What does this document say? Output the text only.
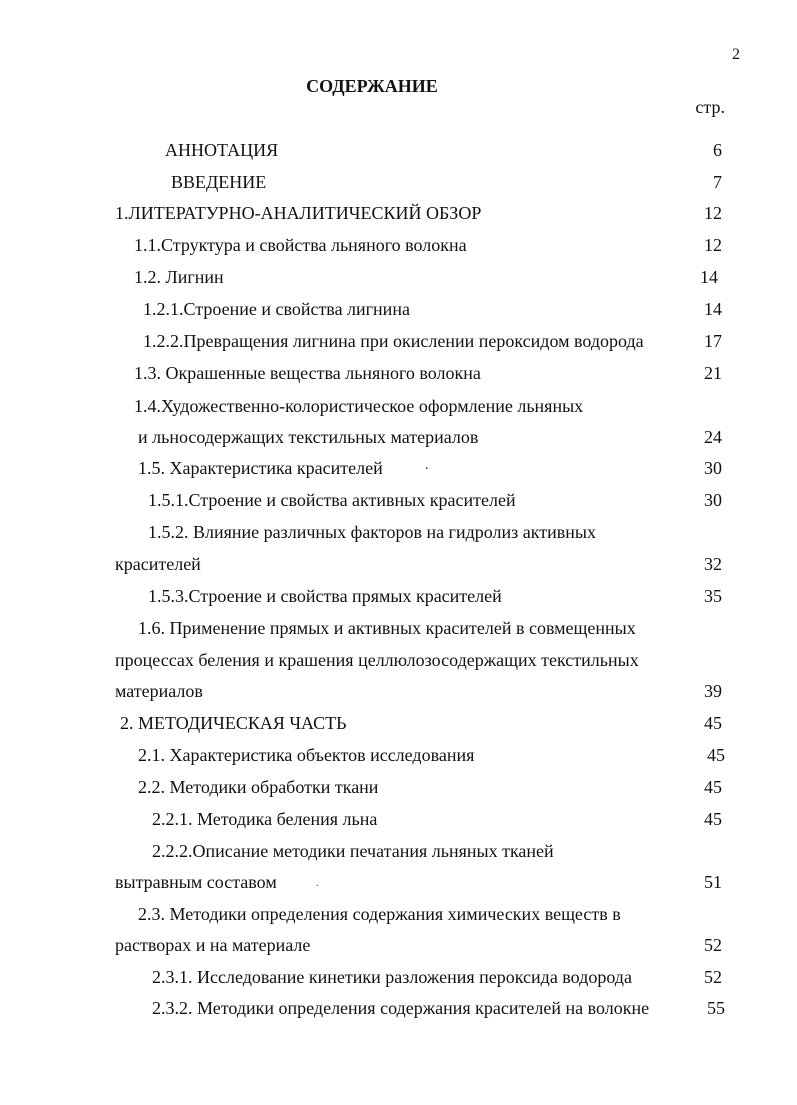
2
СОДЕРЖАНИЕ
стр.
АННОТАЦИЯ	6
ВВЕДЕНИЕ	7
1.ЛИТЕРАТУРНО-АНАЛИТИЧЕСКИЙ ОБЗОР	12
1.1.Структура и свойства льняного волокна	12
1.2. Лигнин	14
1.2.1.Строение и свойства лигнина	14
1.2.2.Превращения лигнина при окислении пероксидом водорода	17
1.3. Окрашенные вещества льняного волокна	21
1.4.Художественно-колористическое оформление льняных
и льносодержащих текстильных материалов	24
1.5. Характеристика красителей	.	30
1.5.1.Строение и свойства активных красителей	30
1.5.2. Влияние различных факторов на гидролиз активных
красителей	32
1.5.3.Строение и свойства прямых красителей	35
1.6. Применение прямых и активных красителей в совмещенных
процессах беления и крашения целлюлозосодержащих текстильных
материалов	39
2. МЕТОДИЧЕСКАЯ ЧАСТЬ	45
2.1. Характеристика объектов исследования	45
2.2. Методики обработки ткани	45
2.2.1. Методика беления льна	45
2.2.2.Описание методики печатания льняных тканей
вытравным составом	.	51
2.3. Методики определения содержания химических веществ в
растворах и на материале	52
2.3.1. Исследование кинетики разложения пероксида водорода	52
2.3.2. Методики определения содержания красителей на волокне	55
